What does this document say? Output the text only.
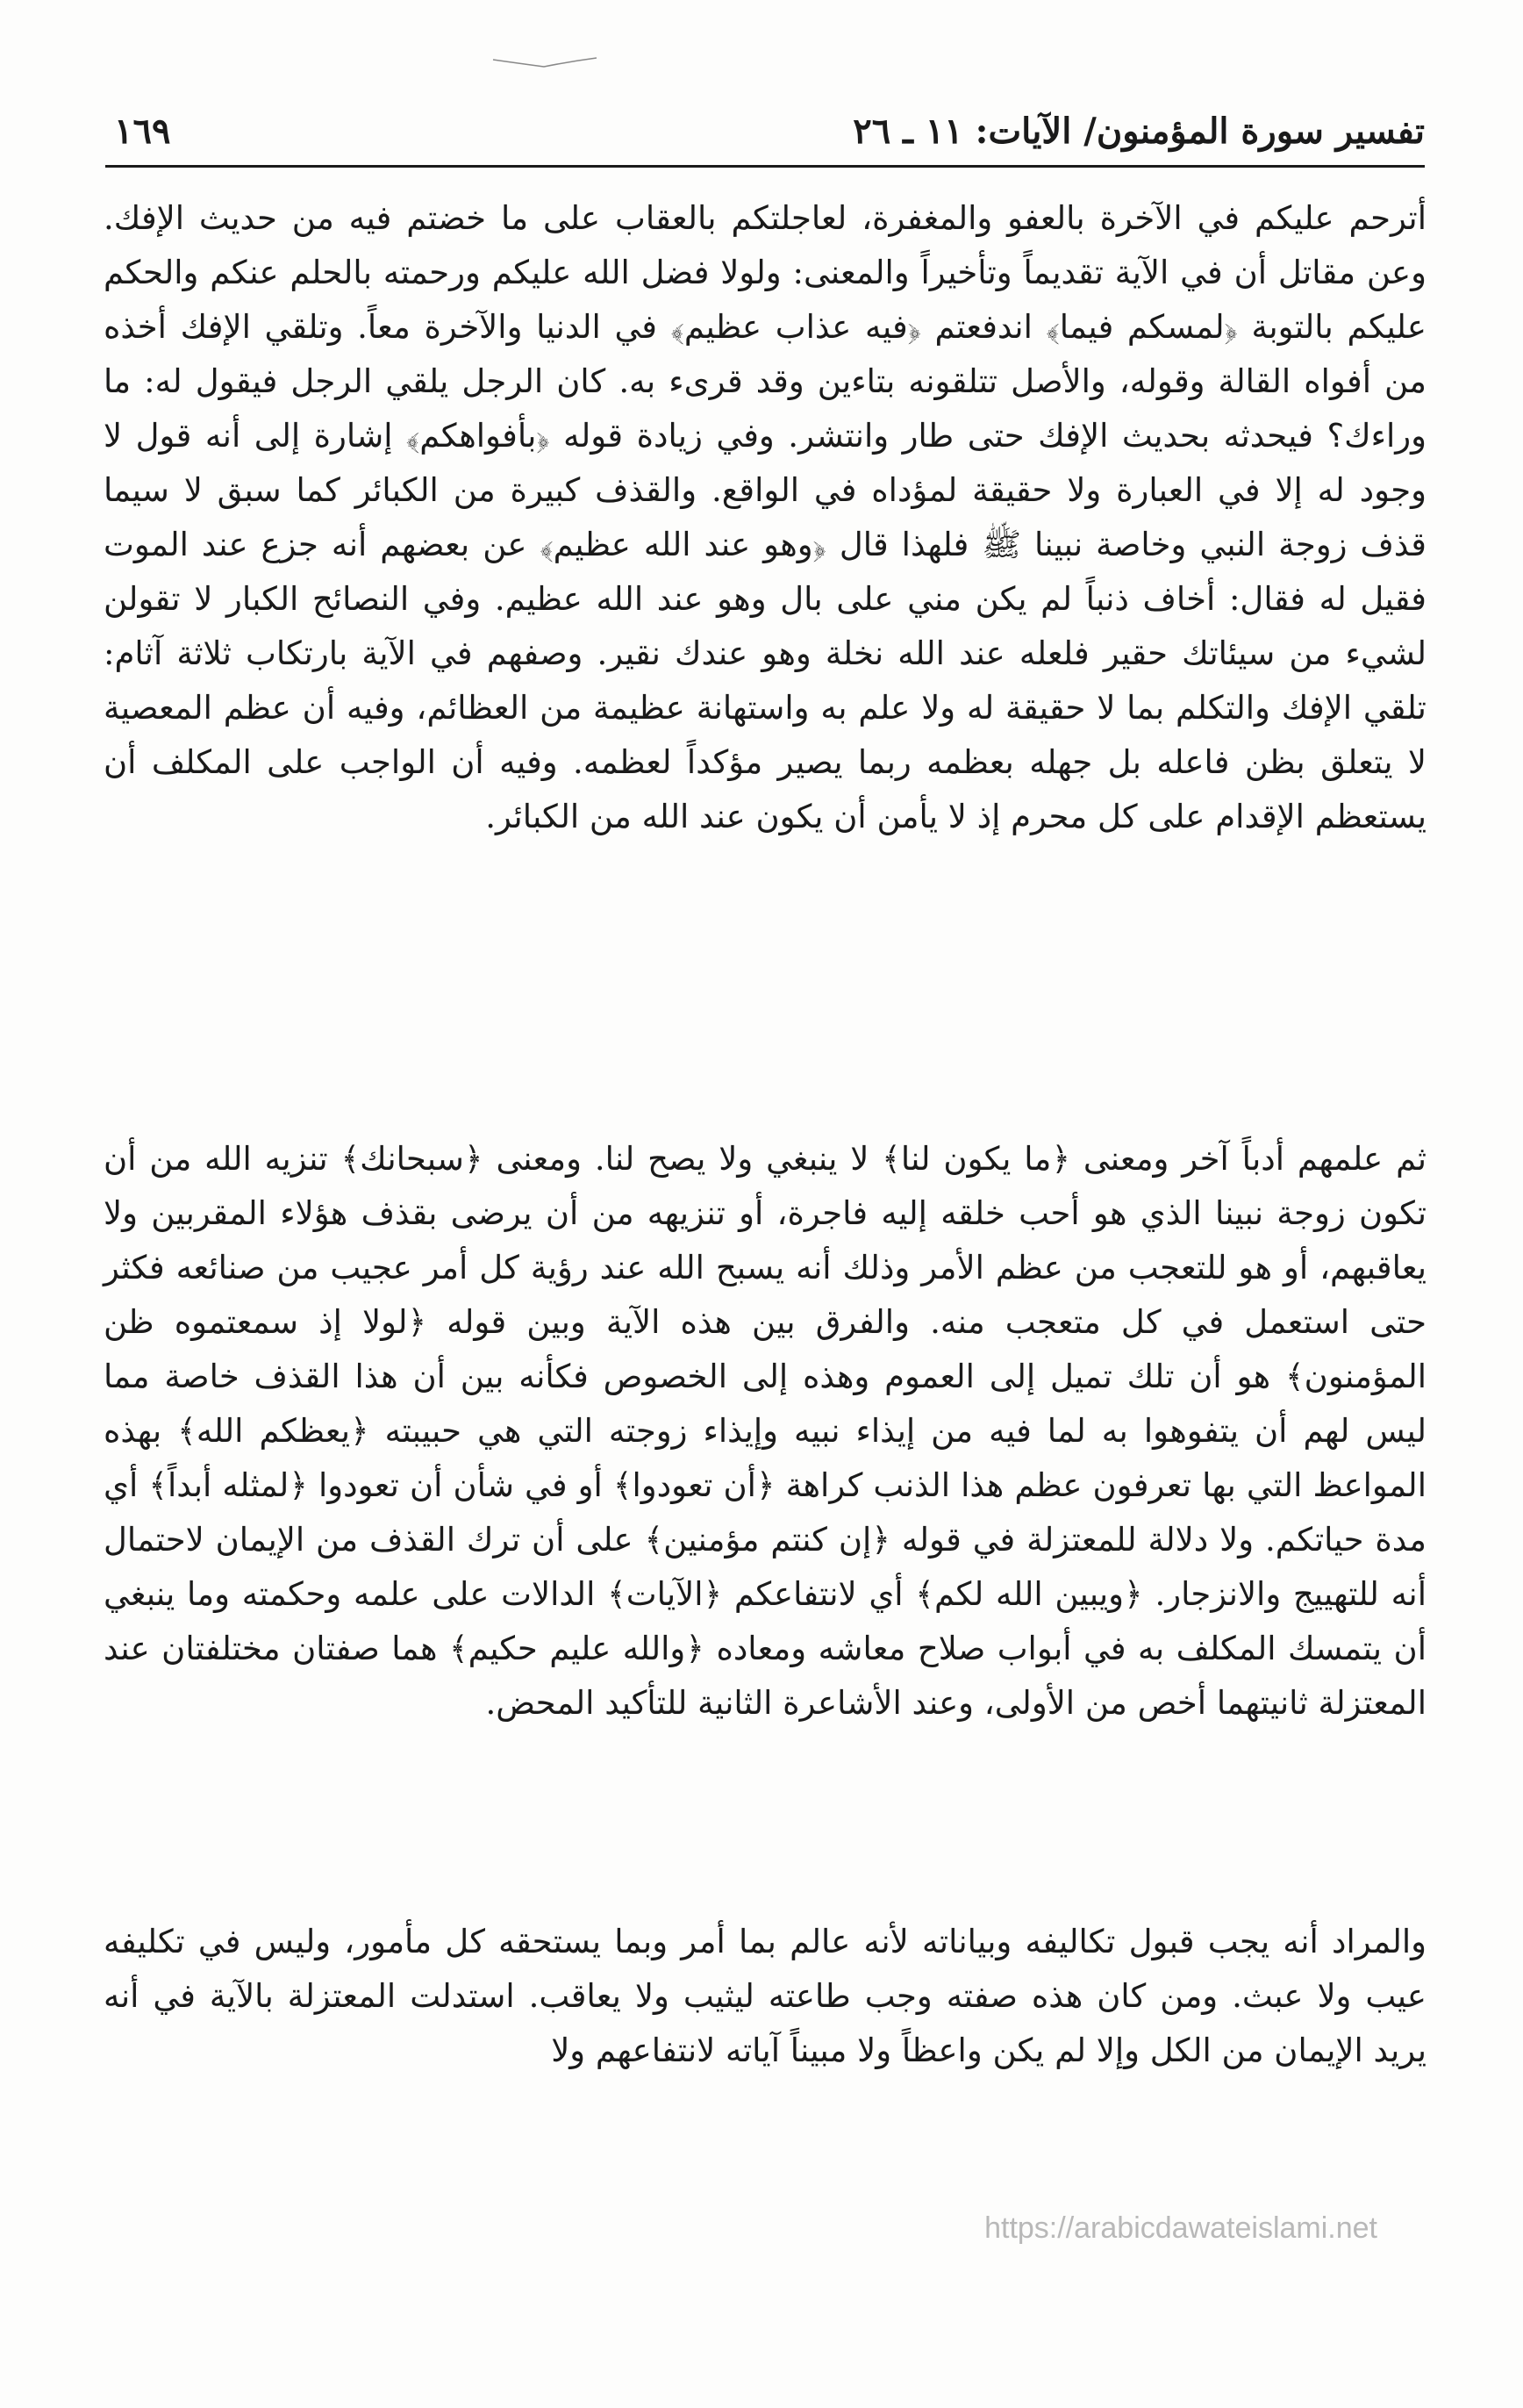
تفسير سورة المؤمنون/ الآيات: ١١ ـ ٢٦
١٦٩
أترحم عليكم في الآخرة بالعفو والمغفرة، لعاجلتكم بالعقاب على ما خضتم فيه من حديث الإفك. وعن مقاتل أن في الآية تقديماً وتأخيراً والمعنى: ولولا فضل الله عليكم ورحمته بالحلم عنكم والحكم عليكم بالتوبة ﴿لمسكم فيما﴾ اندفعتم ﴿فيه عذاب عظيم﴾ في الدنيا والآخرة معاً. وتلقي الإفك أخذه من أفواه القالة وقوله، والأصل تتلقونه بتاءين وقد قرىء به. كان الرجل يلقي الرجل فيقول له: ما وراءك؟ فيحدثه بحديث الإفك حتى طار وانتشر. وفي زيادة قوله ﴿بأفواهكم﴾ إشارة إلى أنه قول لا وجود له إلا في العبارة ولا حقيقة لمؤداه في الواقع. والقذف كبيرة من الكبائر كما سبق لا سيما قذف زوجة النبي وخاصة نبينا ﷺ فلهذا قال ﴿وهو عند الله عظيم﴾ عن بعضهم أنه جزع عند الموت فقيل له فقال: أخاف ذنباً لم يكن مني على بال وهو عند الله عظيم. وفي النصائح الكبار لا تقولن لشيء من سيئاتك حقير فلعله عند الله نخلة وهو عندك نقير. وصفهم في الآية بارتكاب ثلاثة آثام: تلقي الإفك والتكلم بما لا حقيقة له ولا علم به واستهانة عظيمة من العظائم، وفيه أن عظم المعصية لا يتعلق بظن فاعله بل جهله بعظمه ربما يصير مؤكداً لعظمه. وفيه أن الواجب على المكلف أن يستعظم الإقدام على كل محرم إذ لا يأمن أن يكون عند الله من الكبائر.
ثم علمهم أدباً آخر ومعنى ﴿ما يكون لنا﴾ لا ينبغي ولا يصح لنا. ومعنى ﴿سبحانك﴾ تنزيه الله من أن تكون زوجة نبينا الذي هو أحب خلقه إليه فاجرة، أو تنزيهه من أن يرضى بقذف هؤلاء المقربين ولا يعاقبهم، أو هو للتعجب من عظم الأمر وذلك أنه يسبح الله عند رؤية كل أمر عجيب من صنائعه فكثر حتى استعمل في كل متعجب منه. والفرق بين هذه الآية وبين قوله ﴿لولا إذ سمعتموه ظن المؤمنون﴾ هو أن تلك تميل إلى العموم وهذه إلى الخصوص فكأنه بين أن هذا القذف خاصة مما ليس لهم أن يتفوهوا به لما فيه من إيذاء نبيه وإيذاء زوجته التي هي حبيبته ﴿يعظكم الله﴾ بهذه المواعظ التي بها تعرفون عظم هذا الذنب كراهة ﴿أن تعودوا﴾ أو في شأن أن تعودوا ﴿لمثله أبداً﴾ أي مدة حياتكم. ولا دلالة للمعتزلة في قوله ﴿إن كنتم مؤمنين﴾ على أن ترك القذف من الإيمان لاحتمال أنه للتهييج والانزجار. ﴿ويبين الله لكم﴾ أي لانتفاعكم ﴿الآيات﴾ الدالات على علمه وحكمته وما ينبغي أن يتمسك المكلف به في أبواب صلاح معاشه ومعاده ﴿والله عليم حكيم﴾ هما صفتان مختلفتان عند المعتزلة ثانيتهما أخص من الأولى، وعند الأشاعرة الثانية للتأكيد المحض.
والمراد أنه يجب قبول تكاليفه وبياناته لأنه عالم بما أمر وبما يستحقه كل مأمور، وليس في تكليفه عيب ولا عبث. ومن كان هذه صفته وجب طاعته ليثيب ولا يعاقب. استدلت المعتزلة بالآية في أنه يريد الإيمان من الكل وإلا لم يكن واعظاً ولا مبيناً آياته لانتفاعهم ولا
https://arabicdawateislami.net
